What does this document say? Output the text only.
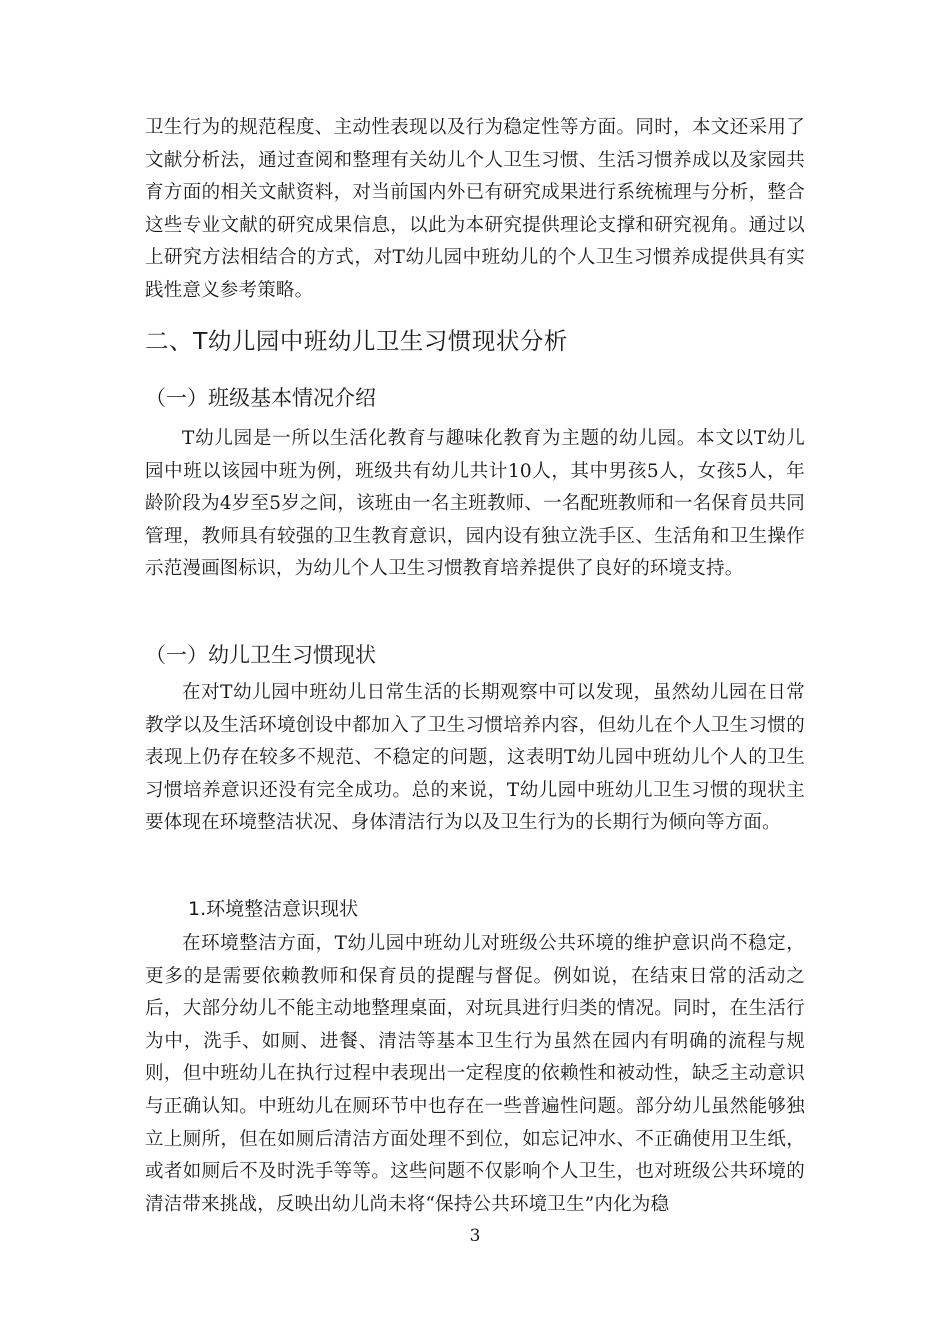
卫生行为的规范程度、主动性表现以及行为稳定性等方面。同时，本文还采用了文献分析法，通过查阅和整理有关幼儿个人卫生习惯、生活习惯养成以及家园共育方面的相关文献资料，对当前国内外已有研究成果进行系统梳理与分析，整合这些专业文献的研究成果信息，以此为本研究提供理论支撑和研究视角。通过以上研究方法相结合的方式，对T幼儿园中班幼儿的个人卫生习惯养成提供具有实践性意义参考策略。

二、T幼儿园中班幼儿卫生习惯现状分析
（一）班级基本情况介绍

T幼儿园是一所以生活化教育与趣味化教育为主题的幼儿园。本文以T幼儿园中班以该园中班为例，班级共有幼儿共计10人，其中男孩5人，女孩5人，年龄阶段为4岁至5岁之间，该班由一名主班教师、一名配班教师和一名保育员共同管理，教师具有较强的卫生教育意识，园内设有独立洗手区、生活角和卫生操作示范漫画图标识，为幼儿个人卫生习惯教育培养提供了良好的环境支持。

（一）幼儿卫生习惯现状

在对T幼儿园中班幼儿日常生活的长期观察中可以发现，虽然幼儿园在日常教学以及生活环境创设中都加入了卫生习惯培养内容，但幼儿在个人卫生习惯的表现上仍存在较多不规范、不稳定的问题，这表明T幼儿园中班幼儿个人的卫生习惯培养意识还没有完全成功。总的来说，T幼儿园中班幼儿卫生习惯的现状主要体现在环境整洁状况、身体清洁行为以及卫生行为的长期行为倾向等方面。

1.环境整洁意识现状

在环境整洁方面，T幼儿园中班幼儿对班级公共环境的维护意识尚不稳定，更多的是需要依赖教师和保育员的提醒与督促。例如说，在结束日常的活动之后，大部分幼儿不能主动地整理桌面，对玩具进行归类的情况。同时，在生活行为中，洗手、如厕、进餐、清洁等基本卫生行为虽然在园内有明确的流程与规则，但中班幼儿在执行过程中表现出一定程度的依赖性和被动性，缺乏主动意识与正确认知。中班幼儿在厕环节中也存在一些普遍性问题。部分幼儿虽然能够独立上厕所，但在如厕后清洁方面处理不到位，如忘记冲水、不正确使用卫生纸，或者如厕后不及时洗手等等。这些问题不仅影响个人卫生，也对班级公共环境的清洁带来挑战，反映出幼儿尚未将“保持公共环境卫生”内化为稳

3
